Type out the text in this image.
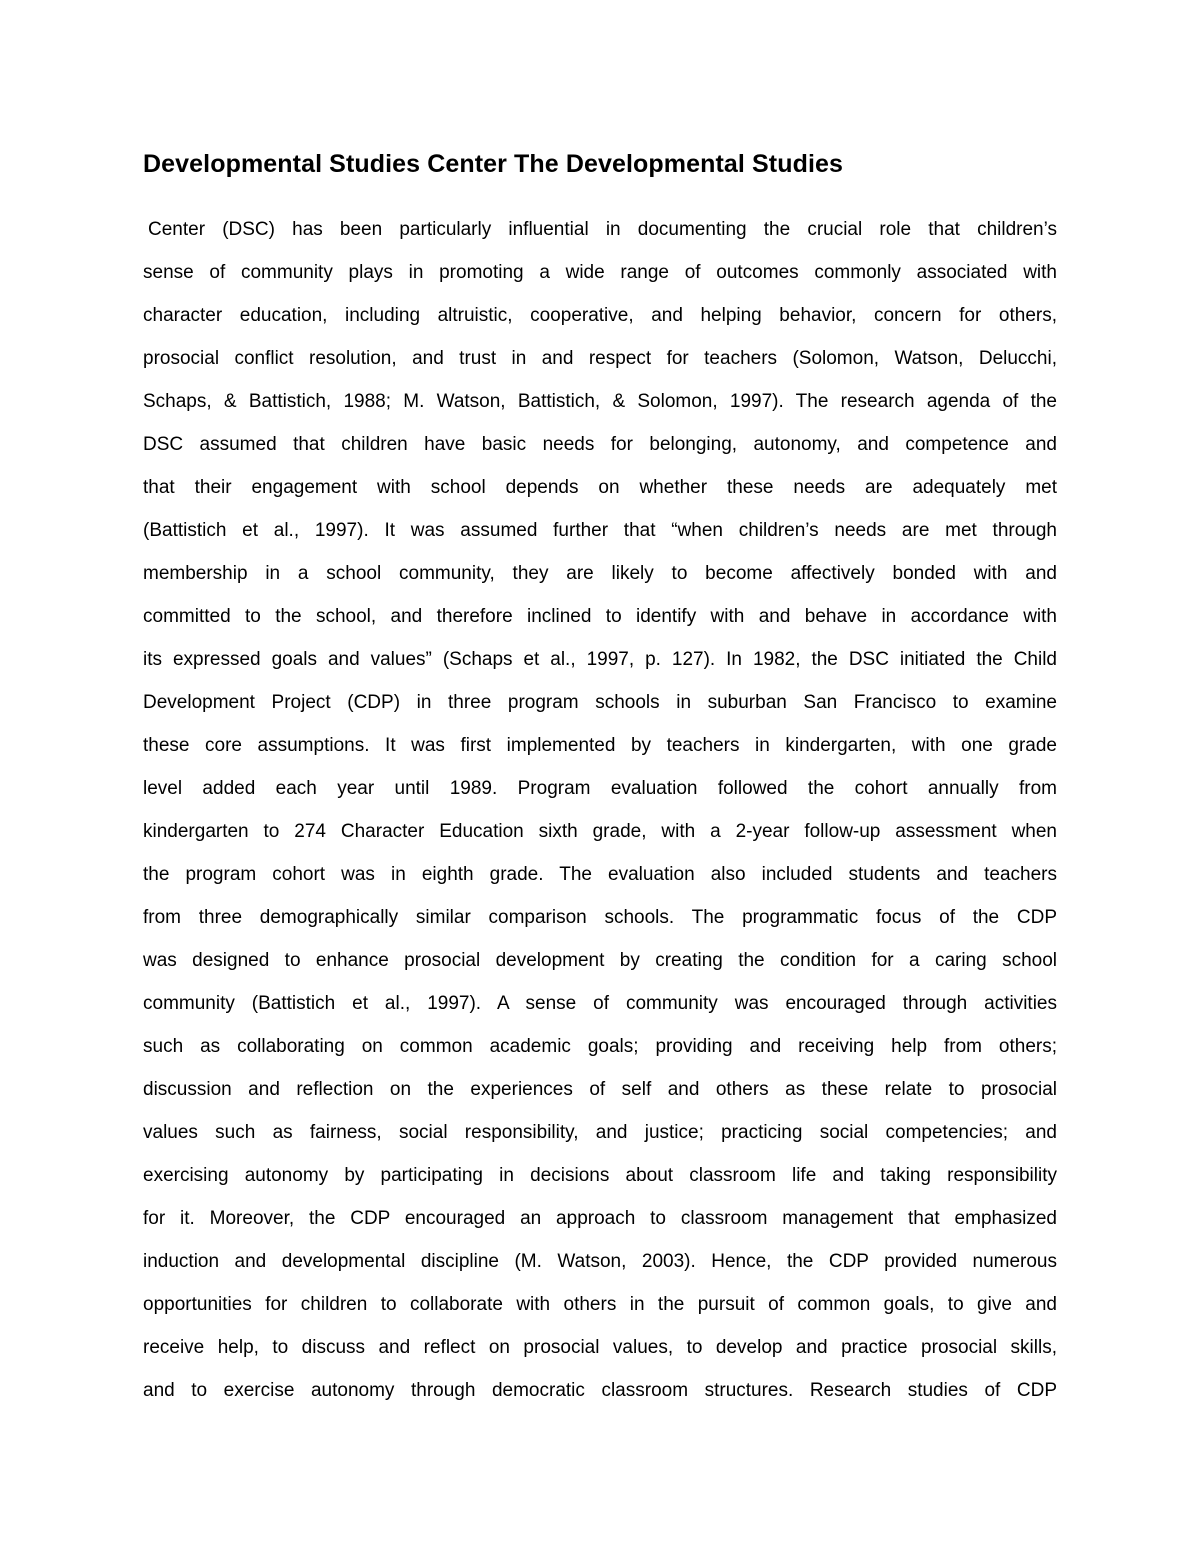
Developmental Studies Center The Developmental Studies

Center (DSC) has been particularly influential in documenting the crucial role that children’s

sense of community plays in promoting a wide range of outcomes commonly associated with

character education, including altruistic, cooperative, and helping behavior, concern for others,

prosocial conflict resolution, and trust in and respect for teachers (Solomon, Watson, Delucchi,

Schaps, & Battistich, 1988; M. Watson, Battistich, & Solomon, 1997). The research agenda of the

DSC assumed that children have basic needs for belonging, autonomy, and competence and

that their engagement with school depends on whether these needs are adequately met

(Battistich et al., 1997). It was assumed further that “when children’s needs are met through

membership in a school community, they are likely to become affectively bonded with and

committed to the school, and therefore inclined to identify with and behave in accordance with

its expressed goals and values” (Schaps et al., 1997, p. 127). In 1982, the DSC initiated the Child

Development Project (CDP) in three program schools in suburban San Francisco to examine

these core assumptions. It was first implemented by teachers in kindergarten, with one grade

level added each year until 1989. Program evaluation followed the cohort annually from

kindergarten to 274 Character Education sixth grade, with a 2-year follow-up assessment when

the program cohort was in eighth grade. The evaluation also included students and teachers

from three demographically similar comparison schools. The programmatic focus of the CDP

was designed to enhance prosocial development by creating the condition for a caring school

community (Battistich et al., 1997). A sense of community was encouraged through activities

such as collaborating on common academic goals; providing and receiving help from others;

discussion and reflection on the experiences of self and others as these relate to prosocial

values such as fairness, social responsibility, and justice; practicing social competencies; and

exercising autonomy by participating in decisions about classroom life and taking responsibility

for it. Moreover, the CDP encouraged an approach to classroom management that emphasized

induction and developmental discipline (M. Watson, 2003). Hence, the CDP provided numerous

opportunities for children to collaborate with others in the pursuit of common goals, to give and

receive help, to discuss and reflect on prosocial values, to develop and practice prosocial skills,

and to exercise autonomy through democratic classroom structures. Research studies of CDP
